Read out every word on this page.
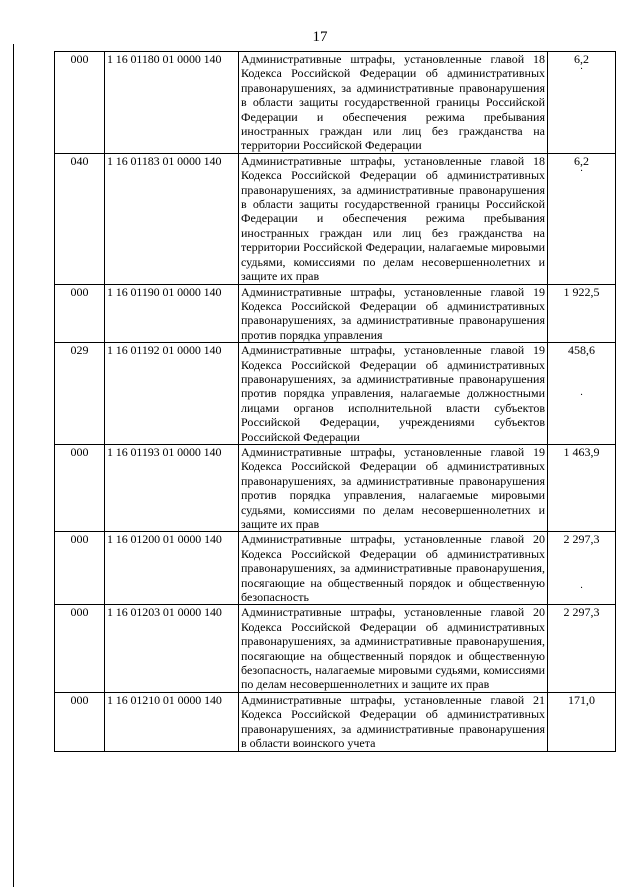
17
000	1 16 01180 01 0000 140	Административные штрафы, установленные главой 18 Кодекса Российской Федерации об административных правонарушениях, за административные правонарушения в области защиты государственной границы Российской Федерации и обеспечения режима пребывания иностранных граждан или лиц без гражданства на территории Российской Федерации	6,2
·

040	1 16 01183 01 0000 140	Административные штрафы, установленные главой 18 Кодекса Российской Федерации об административных правонарушениях, за административные правонарушения в области защиты государственной границы Российской Федерации и обеспечения режима пребывания иностранных граждан или лиц без гражданства на территории Российской Федерации, налагаемые мировыми судьями, комиссиями по делам несовершеннолетних и защите их прав	6,2
·

000	1 16 01190 01 0000 140	Административные штрафы, установленные главой 19 Кодекса Российской Федерации об административных правонарушениях, за административные правонарушения против порядка управления	1 922,5
029	1 16 01192 01 0000 140	Административные штрафы, установленные главой 19 Кодекса Российской Федерации об административных правонарушениях, за административные правонарушения против порядка управления, налагаемые должностными лицами органов исполнительной власти субъектов Российской Федерации, учреждениями субъектов Российской Федерации	458,6
·

000	1 16 01193 01 0000 140	Административные штрафы, установленные главой 19 Кодекса Российской Федерации об административных правонарушениях, за административные правонарушения против порядка управления, налагаемые мировыми судьями, комиссиями по делам несовершеннолетних и защите их прав	1 463,9
000	1 16 01200 01 0000 140	Административные штрафы, установленные главой 20 Кодекса Российской Федерации об административных правонарушениях, за административные правонарушения, посягающие на общественный порядок и общественную безопасность	2 297,3
·

000	1 16 01203 01 0000 140	Административные штрафы, установленные главой 20 Кодекса Российской Федерации об административных правонарушениях, за административные правонарушения, посягающие на общественный порядок и общественную безопасность, налагаемые мировыми судьями, комиссиями по делам несовершеннолетних и защите их прав	2 297,3
000	1 16 01210 01 0000 140	Административные штрафы, установленные главой 21 Кодекса Российской Федерации об административных правонарушениях, за административные правонарушения в области воинского учета	171,0
